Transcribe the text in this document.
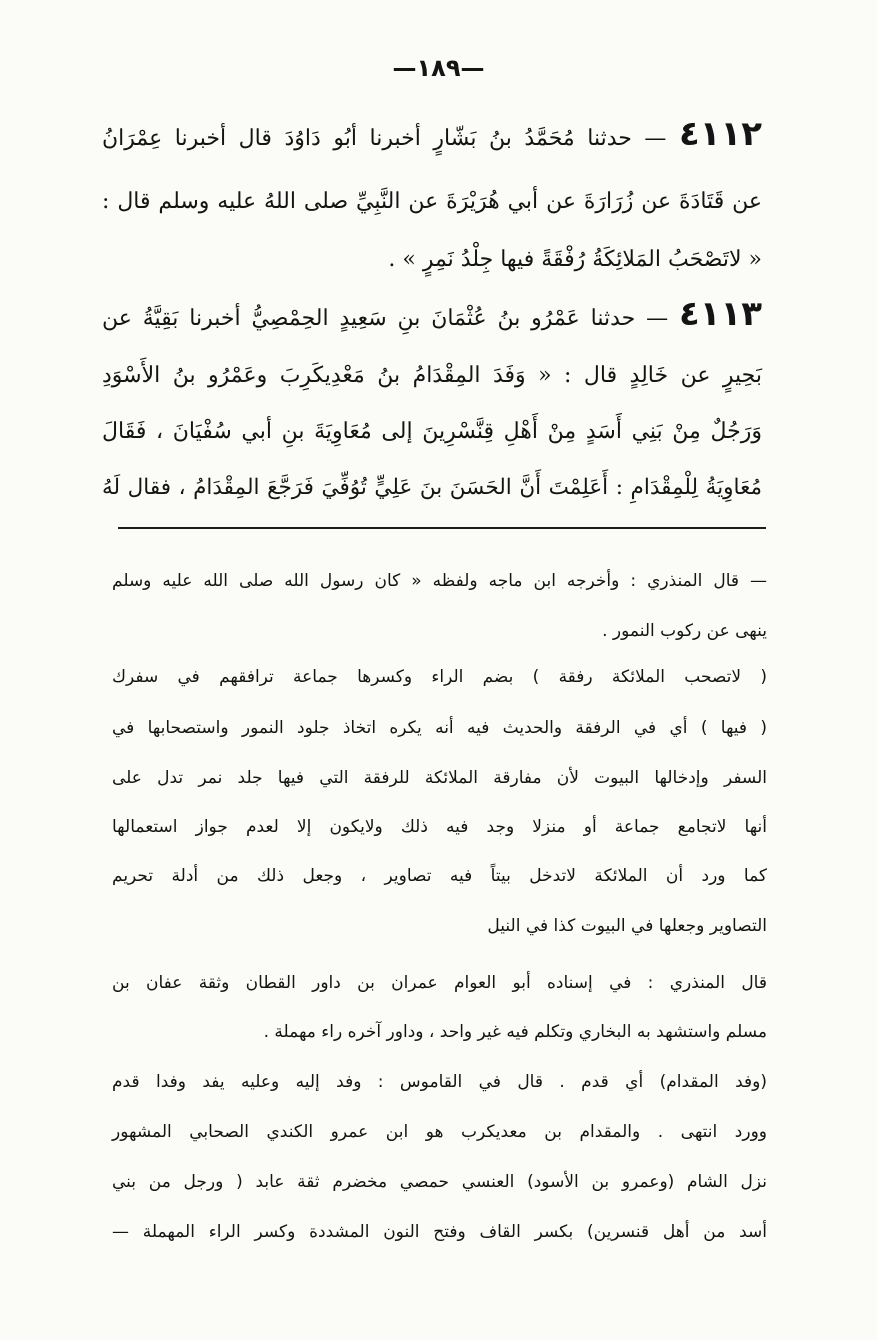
—١٨٩—
٤١١٢ — حدثنا مُحَمَّدُ بنُ بَشّارٍ أخبرنا أبُو دَاوُدَ قال أخبرنا عِمْرَانُ
عن قَتَادَةَ عن زُرَارَةَ عن أبي هُرَيْرَةَ عن النَّبِيِّ صلى اللهُ عليه وسلم قال :
« لاتَصْحَبُ المَلائِكَةُ رُفْقَةً فيها جِلْدُ نَمِرٍ » .
٤١١٣ — حدثنا عَمْرُو بنُ عُثْمَانَ بنِ سَعِيدٍ الحِمْصِيُّ أخبرنا بَقِيَّةُ عن
بَحِيرٍ عن خَالِدٍ قال : « وَفَدَ المِقْدَامُ بنُ مَعْدِيكَرِبَ وعَمْرُو بنُ الأَسْوَدِ
وَرَجُلٌ مِنْ بَنِي أَسَدٍ مِنْ أَهْلِ قِنَّسْرِينَ إلى مُعَاوِيَةَ بنِ أبي سُفْيَانَ ، فَقَالَ
مُعَاوِيَةُ لِلْمِقْدَامِ : أَعَلِمْتَ أَنَّ الحَسَنَ بنَ عَلِيٍّ تُوُفِّيَ فَرَجَّعَ المِقْدَامُ ، فقال لَهُ
— قال المنذري : وأخرجه ابن ماجه ولفظه « كان رسول الله صلى الله عليه وسلم
ينهى عن ركوب النمور .
( لاتصحب الملائكة رفقة ) بضم الراء وكسرها جماعة ترافقهم في سفرك
( فيها ) أي في الرفقة والحديث فيه أنه يكره اتخاذ جلود النمور واستصحابها في
السفر وإدخالها البيوت لأن مفارقة الملائكة للرفقة التي فيها جلد نمر تدل على
أنها لاتجامع جماعة أو منزلا وجد فيه ذلك ولايكون إلا لعدم جواز استعمالها
كما ورد أن الملائكة لاتدخل بيتاً فيه تصاوير ، وجعل ذلك من أدلة تحريم
التصاوير وجعلها في البيوت كذا في النيل
قال المنذري : في إسناده أبو العوام عمران بن داور القطان وثقة عفان بن
مسلم واستشهد به البخاري وتكلم فيه غير واحد ، وداور آخره راء مهملة .
(وفد المقدام) أي قدم . قال في القاموس : وفد إليه وعليه يفد وفدا قدم
وورد انتهى . والمقدام بن معديكرب هو ابن عمرو الكندي الصحابي المشهور
نزل الشام (وعمرو بن الأسود) العنسي حمصي مخضرم ثقة عابد ( ورجل من بني
أسد من أهل قنسرين) بكسر القاف وفتح النون المشددة وكسر الراء المهملة —
